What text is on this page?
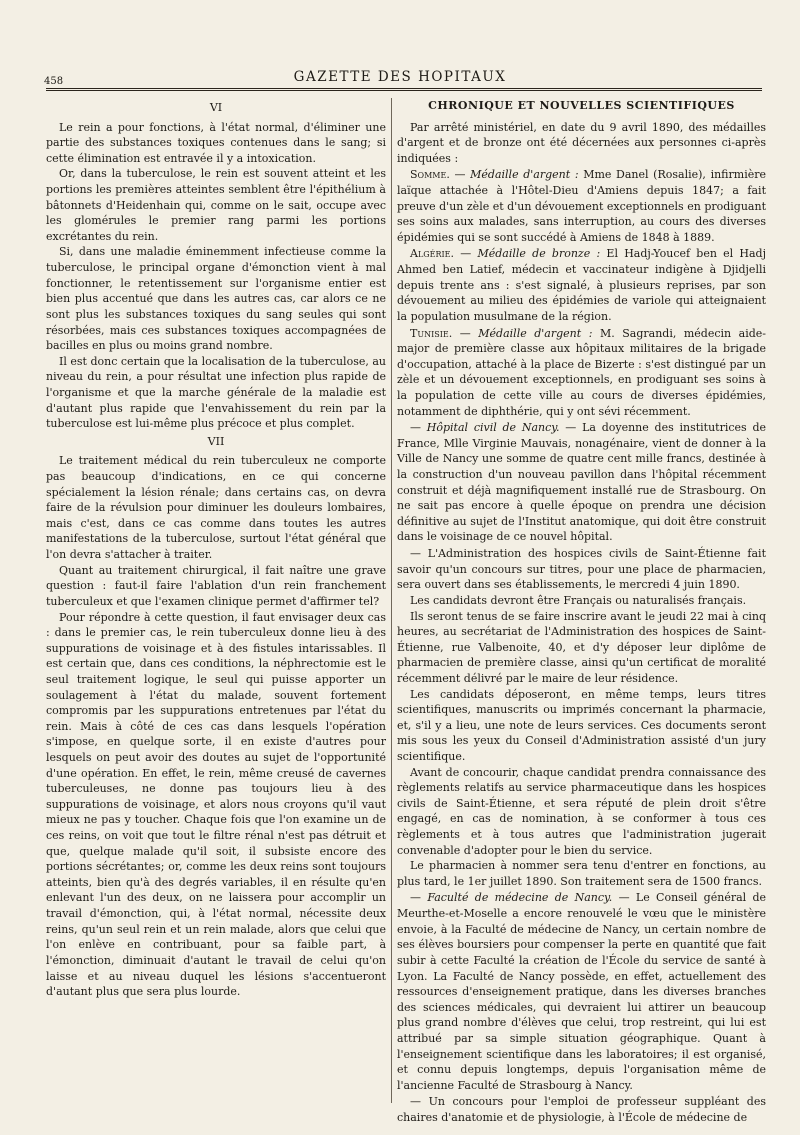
458	GAZETTE DES HOPITAUX

VI

Le rein a pour fonctions, à l'état normal, d'éliminer une partie des substances toxiques contenues dans le sang; si cette élimination est entravée il y a intoxication.

Or, dans la tuberculose, le rein est souvent atteint et les portions les premières atteintes semblent être l'épithélium à bâtonnets d'Heidenhain qui, comme on le sait, occupe avec les glomérules le premier rang parmi les portions excrétantes du rein.

Si, dans une maladie éminemment infectieuse comme la tuberculose, le principal organe d'émonction vient à mal fonctionner, le retentissement sur l'organisme entier est bien plus accentué que dans les autres cas, car alors ce ne sont plus les substances toxiques du sang seules qui sont résorbées, mais ces substances toxiques accompagnées de bacilles en plus ou moins grand nombre.

Il est donc certain que la localisation de la tuberculose, au niveau du rein, a pour résultat une infection plus rapide de l'organisme et que la marche générale de la maladie est d'autant plus rapide que l'envahissement du rein par la tuberculose est lui-même plus précoce et plus complet.

VII

Le traitement médical du rein tuberculeux ne comporte pas beaucoup d'indications, en ce qui concerne spécialement la lésion rénale; dans certains cas, on devra faire de la révulsion pour diminuer les douleurs lombaires, mais c'est, dans ce cas comme dans toutes les autres manifestations de la tuberculose, surtout l'état général que l'on devra s'attacher à traiter.

Quant au traitement chirurgical, il fait naître une grave question : faut-il faire l'ablation d'un rein franchement tuberculeux et que l'examen clinique permet d'affirmer tel?

Pour répondre à cette question, il faut envisager deux cas : dans le premier cas, le rein tuberculeux donne lieu à des suppurations de voisinage et à des fistules intarissables. Il est certain que, dans ces conditions, la néphrectomie est le seul traitement logique, le seul qui puisse apporter un soulagement à l'état du malade, souvent fortement compromis par les suppurations entretenues par l'état du rein. Mais à côté de ces cas dans lesquels l'opération s'impose, en quelque sorte, il en existe d'autres pour lesquels on peut avoir des doutes au sujet de l'opportunité d'une opération. En effet, le rein, même creusé de cavernes tuberculeuses, ne donne pas toujours lieu à des suppurations de voisinage, et alors nous croyons qu'il vaut mieux ne pas y toucher. Chaque fois que l'on examine un de ces reins, on voit que tout le filtre rénal n'est pas détruit et que, quelque malade qu'il soit, il subsiste encore des portions sécrétantes; or, comme les deux reins sont toujours atteints, bien qu'à des degrés variables, il en résulte qu'en enlevant l'un des deux, on ne laissera pour accomplir un travail d'émonction, qui, à l'état normal, nécessite deux reins, qu'un seul rein et un rein malade, alors que celui que l'on enlève en contribuant, pour sa faible part, à l'émonction, diminuait d'autant le travail de celui qu'on laisse et au niveau duquel les lésions s'accentueront d'autant plus que sera plus lourde.

CHRONIQUE ET NOUVELLES SCIENTIFIQUES

Par arrêté ministériel, en date du 9 avril 1890, des médailles d'argent et de bronze ont été décernées aux personnes ci-après indiquées :

Somme. — Médaille d'argent : Mme Danel (Rosalie), infirmière laïque attachée à l'Hôtel-Dieu d'Amiens depuis 1847; a fait preuve d'un zèle et d'un dévouement exceptionnels en prodiguant ses soins aux malades, sans interruption, au cours des diverses épidémies qui se sont succédé à Amiens de 1848 à 1889.

Algérie. — Médaille de bronze : El Hadj-Youcef ben el Hadj Ahmed ben Latief, médecin et vaccinateur indigène à Djidjelli depuis trente ans : s'est signalé, à plusieurs reprises, par son dévouement au milieu des épidémies de variole qui atteignaient la population musulmane de la région.

Tunisie. — Médaille d'argent : M. Sagrandi, médecin aide-major de première classe aux hôpitaux militaires de la brigade d'occupation, attaché à la place de Bizerte : s'est distingué par un zèle et un dévouement exceptionnels, en prodiguant ses soins à la population de cette ville au cours de diverses épidémies, notamment de diphthérie, qui y ont sévi récemment.

— Hôpital civil de Nancy. — La doyenne des institutrices de France, Mlle Virginie Mauvais, nonagénaire, vient de donner à la Ville de Nancy une somme de quatre cent mille francs, destinée à la construction d'un nouveau pavillon dans l'hôpital récemment construit et déjà magnifiquement installé rue de Strasbourg. On ne sait pas encore à quelle époque on prendra une décision définitive au sujet de l'Institut anatomique, qui doit être construit dans le voisinage de ce nouvel hôpital.

— L'Administration des hospices civils de Saint-Étienne fait savoir qu'un concours sur titres, pour une place de pharmacien, sera ouvert dans ses établissements, le mercredi 4 juin 1890.

Les candidats devront être Français ou naturalisés français.

Ils seront tenus de se faire inscrire avant le jeudi 22 mai à cinq heures, au secrétariat de l'Administration des hospices de Saint-Étienne, rue Valbenoite, 40, et d'y déposer leur diplôme de pharmacien de première classe, ainsi qu'un certificat de moralité récemment délivré par le maire de leur résidence.

Les candidats déposeront, en même temps, leurs titres scientifiques, manuscrits ou imprimés concernant la pharmacie, et, s'il y a lieu, une note de leurs services. Ces documents seront mis sous les yeux du Conseil d'Administration assisté d'un jury scientifique.

Avant de concourir, chaque candidat prendra connaissance des règlements relatifs au service pharmaceutique dans les hospices civils de Saint-Étienne, et sera réputé de plein droit s'être engagé, en cas de nomination, à se conformer à tous ces règlements et à tous autres que l'administration jugerait convenable d'adopter pour le bien du service.

Le pharmacien à nommer sera tenu d'entrer en fonctions, au plus tard, le 1er juillet 1890. Son traitement sera de 1500 francs.

— Faculté de médecine de Nancy. — Le Conseil général de Meurthe-et-Moselle a encore renouvelé le vœu que le ministère envoie, à la Faculté de médecine de Nancy, un certain nombre de ses élèves boursiers pour compenser la perte en quantité que fait subir à cette Faculté la création de l'École du service de santé à Lyon. La Faculté de Nancy possède, en effet, actuellement des ressources d'enseignement pratique, dans les diverses branches des sciences médicales, qui devraient lui attirer un beaucoup plus grand nombre d'élèves que celui, trop restreint, qui lui est attribué par sa simple situation géographique. Quant à l'enseignement scientifique dans les laboratoires; il est organisé, et connu depuis longtemps, depuis l'organisation même de l'ancienne Faculté de Strasbourg à Nancy.

— Un concours pour l'emploi de professeur suppléant des chaires d'anatomie et de physiologie, à l'École de médecine de
